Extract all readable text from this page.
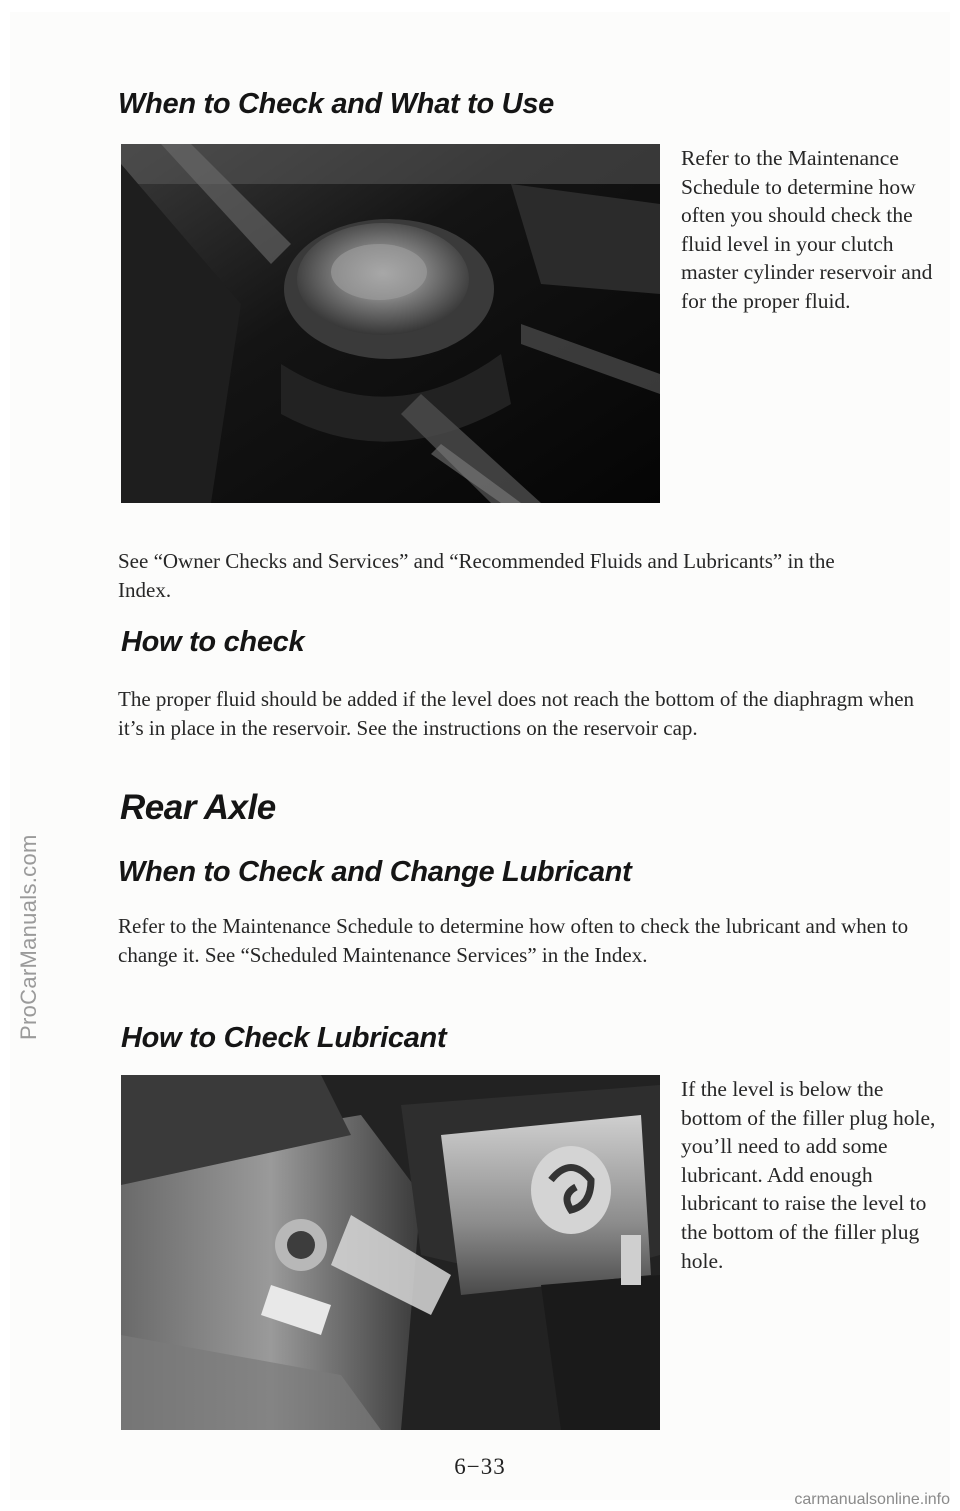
ProCarManuals.com
When to Check and What to Use

Refer to the Maintenance Schedule to determine how often you should check the fluid level in your clutch master cylinder reservoir and for the proper fluid.

See “Owner Checks and Services” and “Recommended Fluids and Lubricants” in the Index.

How to check

The proper fluid should be added if the level does not reach the bottom of the diaphragm when it’s in place in the reservoir. See the instructions on the reservoir cap.

Rear Axle
When to Check and Change Lubricant

Refer to the Maintenance Schedule to determine how often to check the lubricant and when to change it. See “Scheduled Maintenance Services” in the Index.

How to Check Lubricant

If the level is below the bottom of the filler plug hole, you’ll need to add some lubricant. Add enough lubricant to raise the level to the bottom of the filler plug hole.

6−33
carmanualsonline.info
